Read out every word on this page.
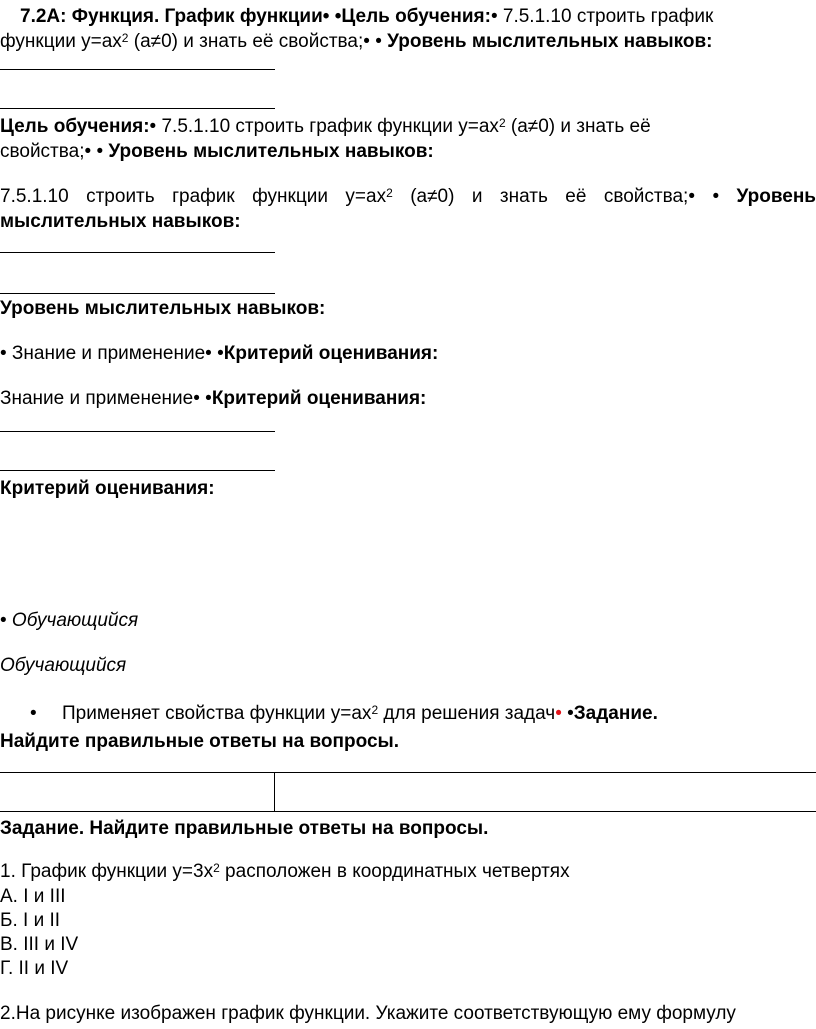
7.2А: Функция. График функции• •Цель обучения:• 7.5.1.10 строить график
функции $y=ax^2$ (a≠0) и знать её свойства;• • Уровень мыслительных навыков:
Цель обучения:• 7.5.1.10 строить график функции $y=ax^2$ (a≠0) и знать её
свойства;• • Уровень мыслительных навыков:
7.5.1.10 строить график функции $y=ax^2$ (a≠0) и знать её свойства;• • Уровень
мыслительных навыков:
Уровень мыслительных навыков:
• Знание и применение• •Критерий оценивания:
Знание и применение• •Критерий оценивания:
Критерий оценивания:
• Обучающийся
Обучающийся
• Применяет свойства функции $y=ax^2$ для решения задач• •Задание.
Найдите правильные ответы на вопросы.
Задание. Найдите правильные ответы на вопросы.
1. График функции $y=3x^2$ расположен в координатных четвертях
А. I и III
Б. I и II
В. III и IV
Г. II и IV
2.На рисунке изображен график функции. Укажите соответствующую ему формулу
